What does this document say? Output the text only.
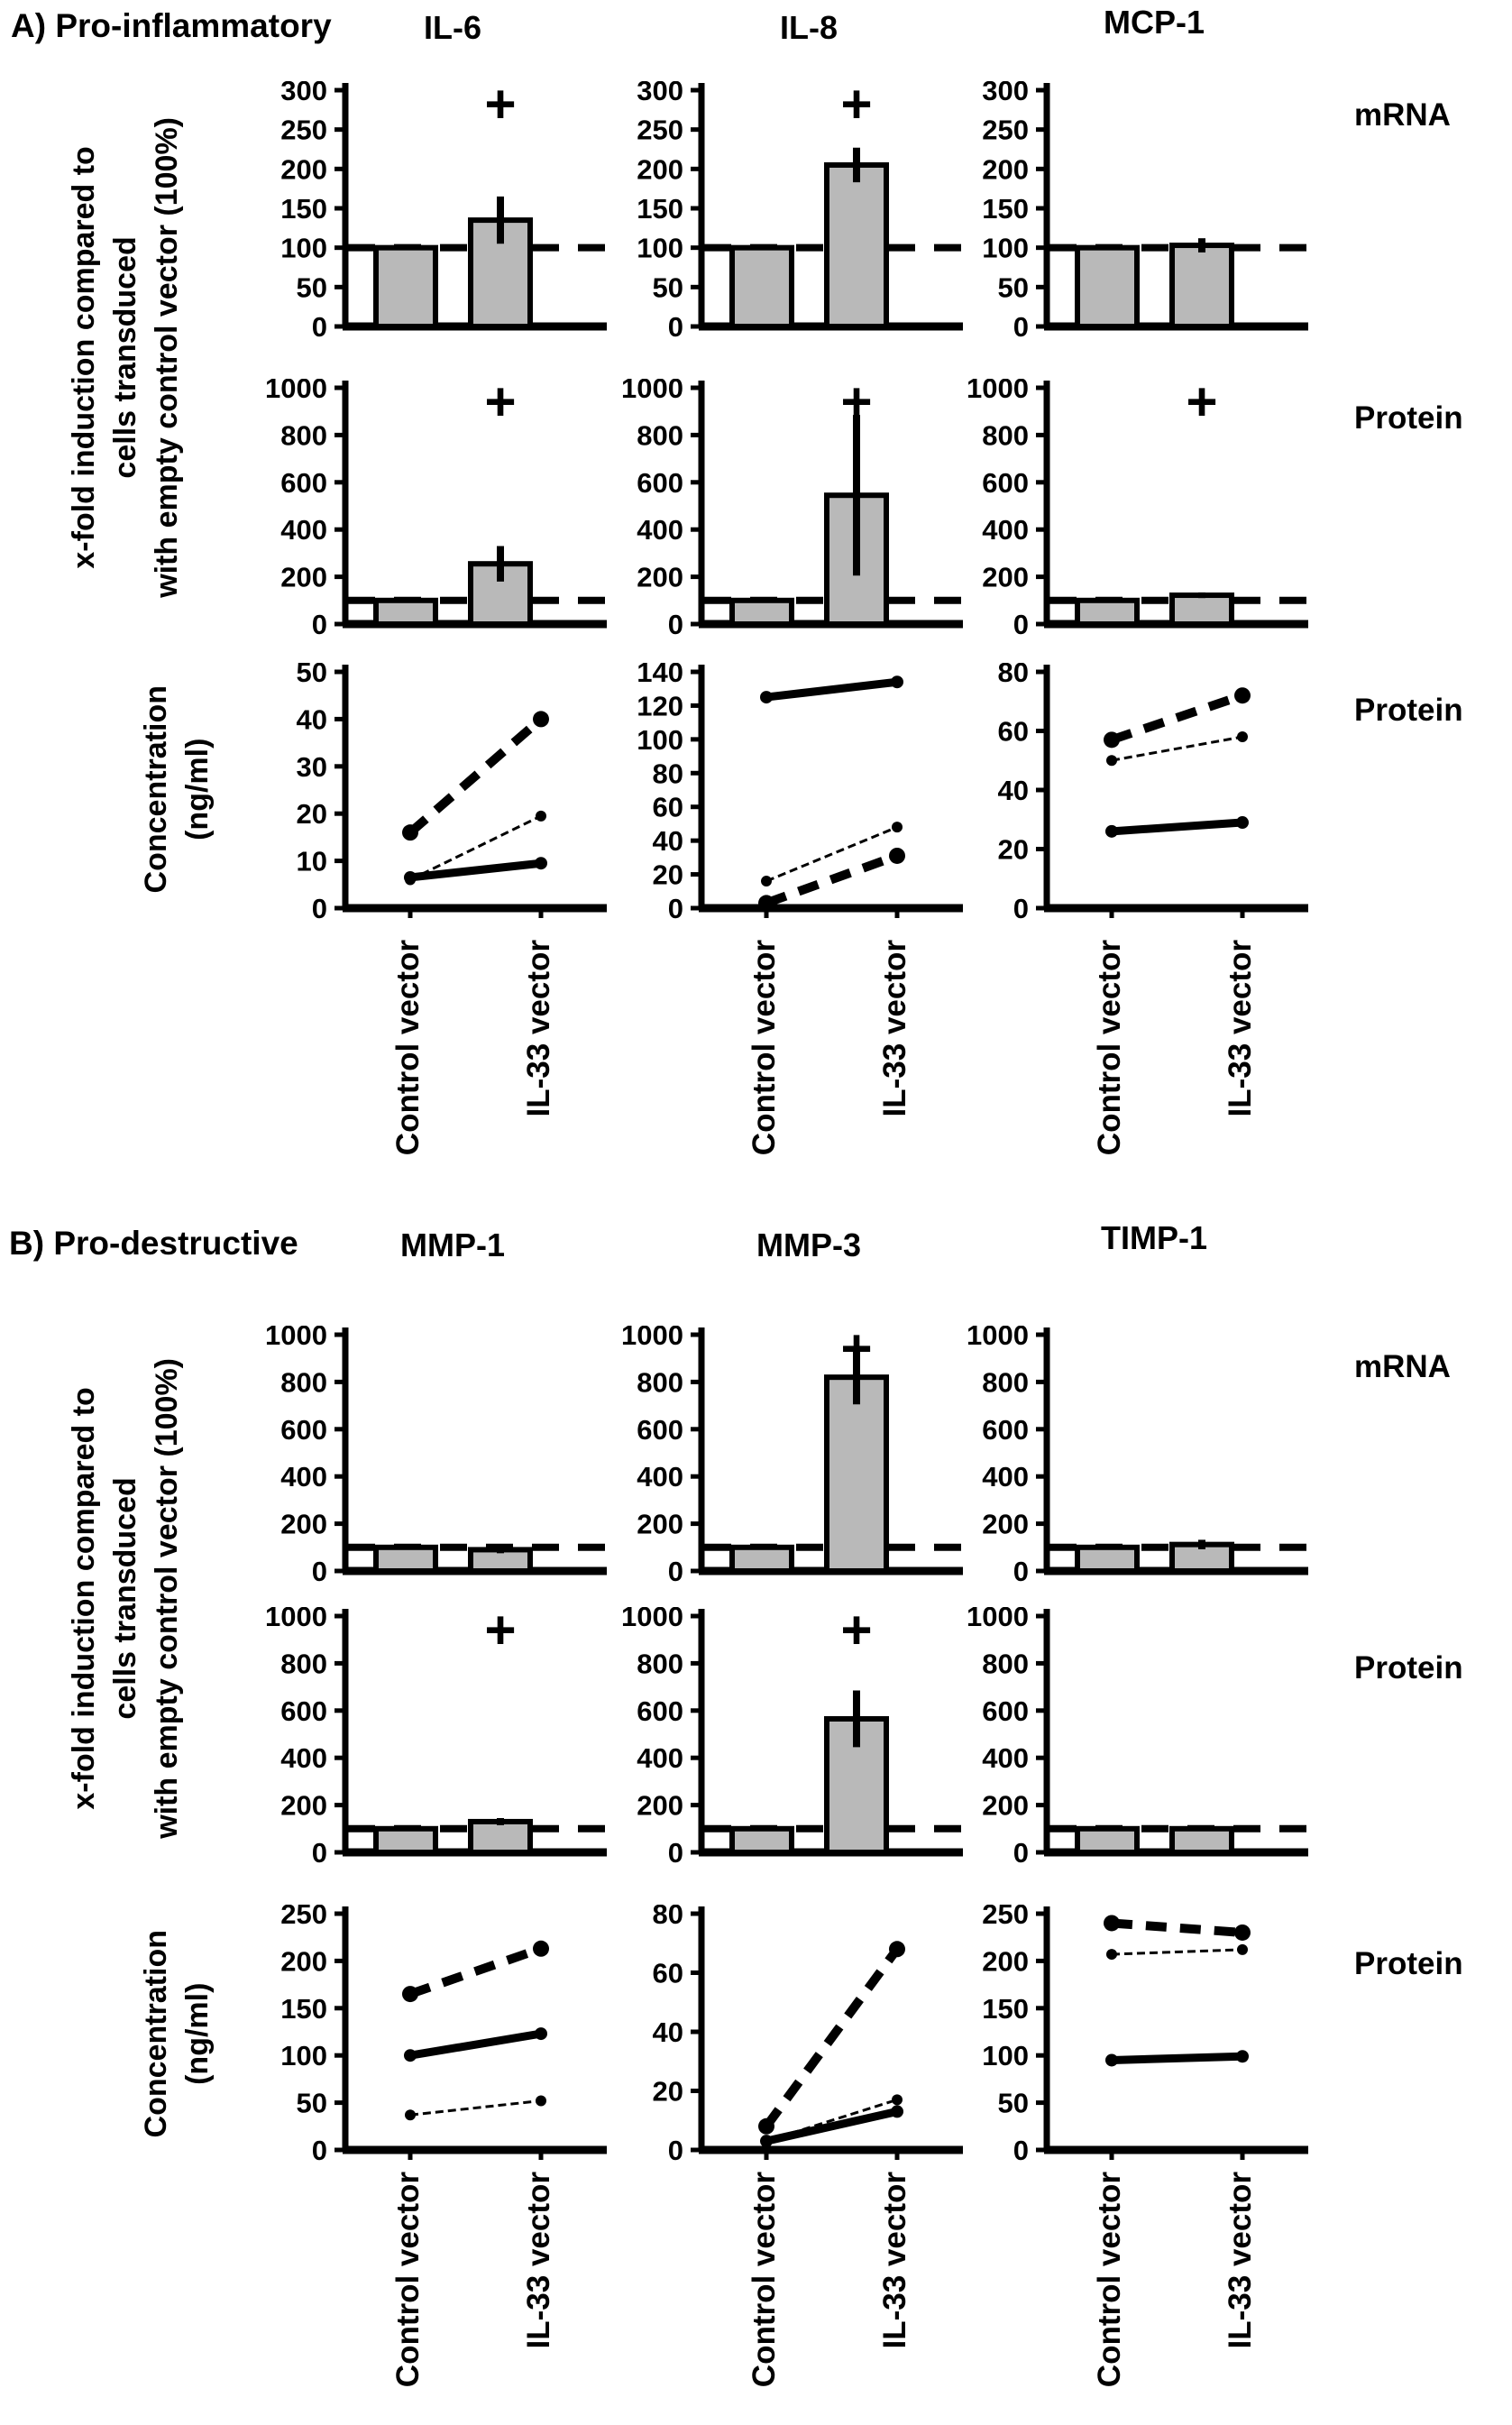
A) Pro-inflammatory
B) Pro-destructive
IL-6	IL-8	MCP-1
MMP-1	MMP-3	TIMP-1
mRNA
Protein
Protein
mRNA
Protein
Protein
x-fold induction compared to cells transduced with empty control vector (100%)
Concentration (ng/ml)
x-fold induction compared to cells transduced with empty control vector (100%)
Concentration (ng/ml)
0
50
100
150
200
250
300	+
0
50
100
150
200
250
300	+
0
50
100
150
200
250
300
0
200
400
600
800
1000	+
0
200
400
600
800
1000	+
0
200
400
600
800
1000	+
0
10
20
30
40
50
0
20
40
60
80
100
120
140
0
20
40
60
80
0
200
400
600
800
1000
0
200
400
600
800
1000	+
0
200
400
600
800
1000
0
200
400
600
800
1000	+
0
200
400
600
800
1000	+
0
200
400
600
800
1000
0
50
100
150
200
250
0
20
40
60
80
0
50
100
150
200
250
Control vector	IL-33 vector	Control vector	IL-33 vector	Control vector	IL-33 vector
Control vector	IL-33 vector	Control vector	IL-33 vector	Control vector	IL-33 vector
